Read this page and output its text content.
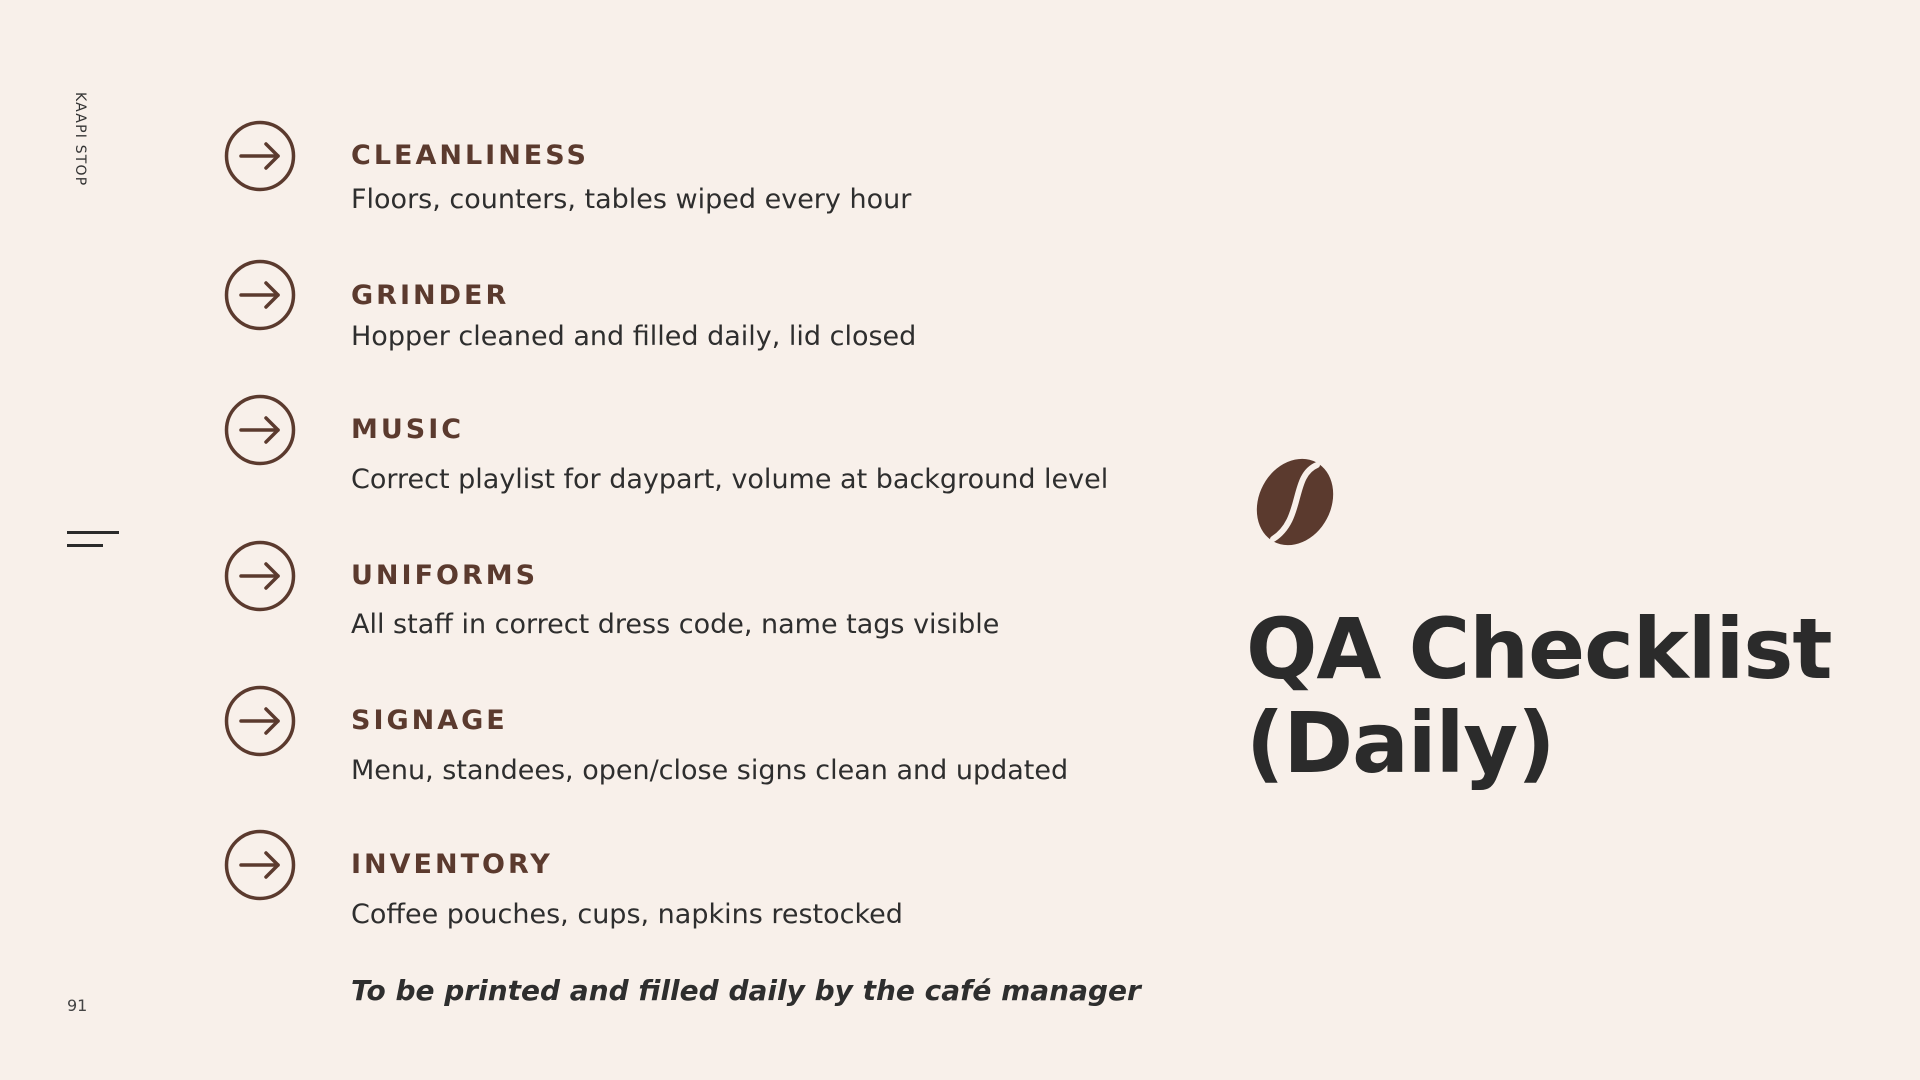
KAAPI STOP
91
CLEANLINESS
Floors, counters, tables wiped every hour
GRINDER
Hopper cleaned and filled daily, lid closed
MUSIC
Correct playlist for daypart, volume at background level
UNIFORMS
All staff in correct dress code, name tags visible
SIGNAGE
Menu, standees, open/close signs clean and updated
INVENTORY
Coffee pouches, cups, napkins restocked
To be printed and filled daily by the café manager
QA Checklist
(Daily)
